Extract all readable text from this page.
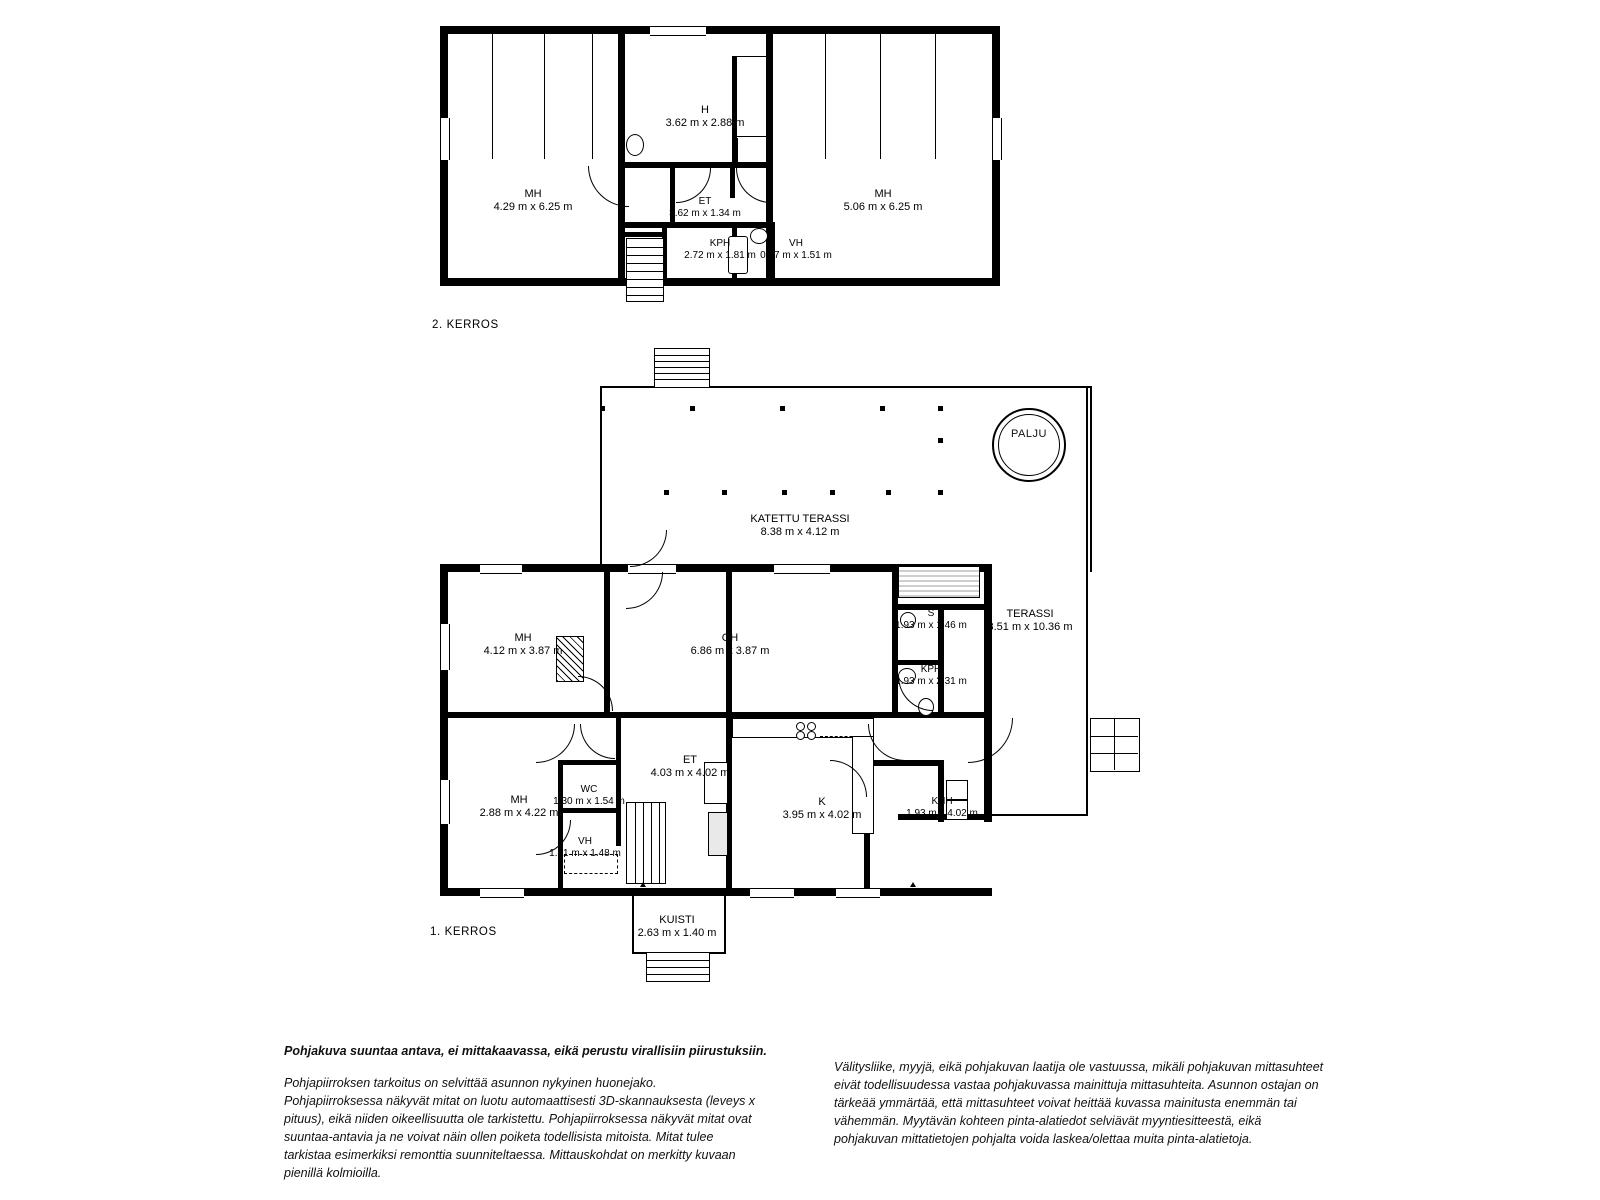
H
3.62 m x 2.88 m
MH
4.29 m x 6.25 m
MH
5.06 m x 6.25 m
ET
3.62 m x 1.34 m
KPH
2.72 m x 1.81 m
VH
0.97 m x 1.51 m
2. KERROS
PALJU
KATETTU TERASSI
8.38 m x 4.12 m
OH
6.86 m x 3.87 m
MH
4.12 m x 3.87 m
MH
2.88 m x 4.22 m
ET
4.03 m x 4.02 m
K
3.95 m x 4.02 m
KHH
1.93 m x 4.02 m
KPH
1.93 m x 2.31 m
S
1.93 m x 1.46 m
WC
1.30 m x 1.54 m
VH
1.51 m x 1.48 m
TERASSI
3.51 m x 10.36 m
KUISTI
2.63 m x 1.40 m
1. KERROS
Pohjakuva suuntaa antava, ei mittakaavassa, eikä perustu virallisiin piirustuksiin.
Pohjapiirroksen tarkoitus on selvittää asunnon nykyinen huonejako. Pohjapiirroksessa näkyvät mitat on luotu automaattisesti 3D-skannauksesta (leveys x pituus), eikä niiden oikeellisuutta ole tarkistettu. Pohjapiirroksessa näkyvät mitat ovat suuntaa-antavia ja ne voivat näin ollen poiketa todellisista mitoista. Mitat tulee tarkistaa esimerkiksi remonttia suunniteltaessa. Mittauskohdat on merkitty kuvaan pienillä kolmioilla.
Välitysliike, myyjä, eikä pohjakuvan laatija ole vastuussa, mikäli pohjakuvan mittasuhteet eivät todellisuudessa vastaa pohjakuvassa mainittuja mittasuhteita. Asunnon ostajan on tärkeää ymmärtää, että mittasuhteet voivat heittää kuvassa mainitusta enemmän tai vähemmän. Myytävän kohteen pinta-alatiedot selviävät myyntiesitteestä, eikä pohjakuvan mittatietojen pohjalta voida laskea/olettaa muita pinta-alatietoja.
